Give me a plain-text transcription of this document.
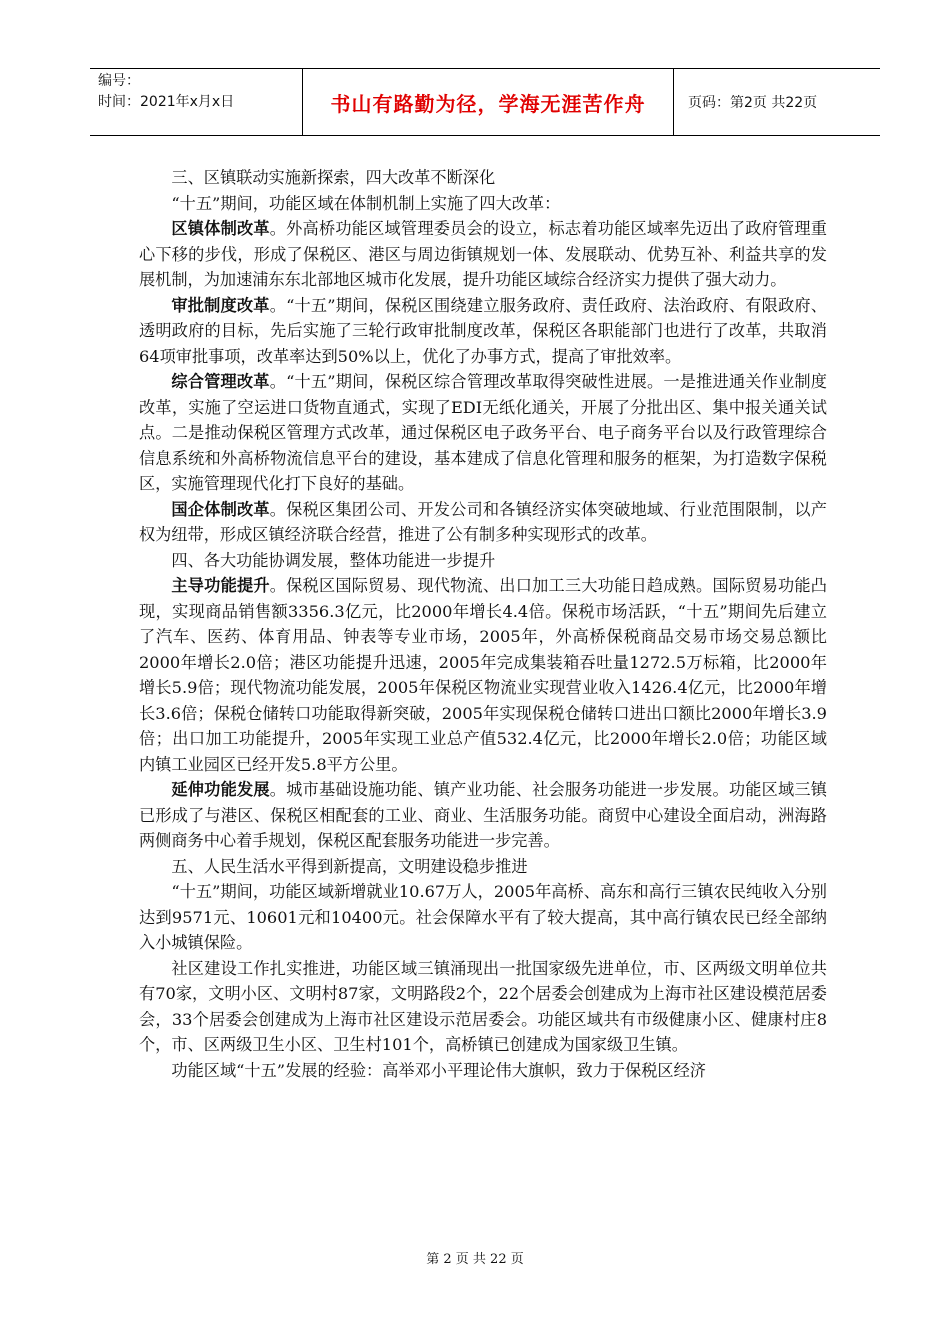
编号：
时间：2021年x月x日	书山有路勤为径，学海无涯苦作舟	页码：第2页 共22页

三、区镇联动实施新探索，四大改革不断深化

“十五”期间，功能区域在体制机制上实施了四大改革：

区镇体制改革。外高桥功能区域管理委员会的设立，标志着功能区域率先迈出了政府管理重心下移的步伐，形成了保税区、港区与周边街镇规划一体、发展联动、优势互补、利益共享的发展机制，为加速浦东东北部地区城市化发展，提升功能区域综合经济实力提供了强大动力。

审批制度改革。“十五”期间，保税区围绕建立服务政府、责任政府、法治政府、有限政府、透明政府的目标，先后实施了三轮行政审批制度改革，保税区各职能部门也进行了改革，共取消64项审批事项，改革率达到50%以上，优化了办事方式，提高了审批效率。

综合管理改革。“十五”期间，保税区综合管理改革取得突破性进展。一是推进通关作业制度改革，实施了空运进口货物直通式，实现了EDI无纸化通关，开展了分批出区、集中报关通关试点。二是推动保税区管理方式改革，通过保税区电子政务平台、电子商务平台以及行政管理综合信息系统和外高桥物流信息平台的建设，基本建成了信息化管理和服务的框架，为打造数字保税区，实施管理现代化打下良好的基础。

国企体制改革。保税区集团公司、开发公司和各镇经济实体突破地域、行业范围限制，以产权为纽带，形成区镇经济联合经营，推进了公有制多种实现形式的改革。

四、各大功能协调发展，整体功能进一步提升

主导功能提升。保税区国际贸易、现代物流、出口加工三大功能日趋成熟。国际贸易功能凸现，实现商品销售额3356.3亿元，比2000年增长4.4倍。保税市场活跃，“十五”期间先后建立了汽车、医药、体育用品、钟表等专业市场，2005年，外高桥保税商品交易市场交易总额比2000年增长2.0倍；港区功能提升迅速，2005年完成集装箱吞吐量1272.5万标箱，比2000年增长5.9倍；现代物流功能发展，2005年保税区物流业实现营业收入1426.4亿元，比2000年增长3.6倍；保税仓储转口功能取得新突破，2005年实现保税仓储转口进出口额比2000年增长3.9倍；出口加工功能提升，2005年实现工业总产值532.4亿元，比2000年增长2.0倍；功能区域内镇工业园区已经开发5.8平方公里。

延伸功能发展。城市基础设施功能、镇产业功能、社会服务功能进一步发展。功能区域三镇已形成了与港区、保税区相配套的工业、商业、生活服务功能。商贸中心建设全面启动，洲海路两侧商务中心着手规划，保税区配套服务功能进一步完善。

五、人民生活水平得到新提高，文明建设稳步推进

“十五”期间，功能区域新增就业10.67万人，2005年高桥、高东和高行三镇农民纯收入分别达到9571元、10601元和10400元。社会保障水平有了较大提高，其中高行镇农民已经全部纳入小城镇保险。

社区建设工作扎实推进，功能区域三镇涌现出一批国家级先进单位，市、区两级文明单位共有70家，文明小区、文明村87家，文明路段2个，22个居委会创建成为上海市社区建设模范居委会，33个居委会创建成为上海市社区建设示范居委会。功能区域共有市级健康小区、健康村庄8个，市、区两级卫生小区、卫生村101个，高桥镇已创建成为国家级卫生镇。

功能区域“十五”发展的经验：高举邓小平理论伟大旗帜，致力于保税区经济

第 2 页 共 22 页
